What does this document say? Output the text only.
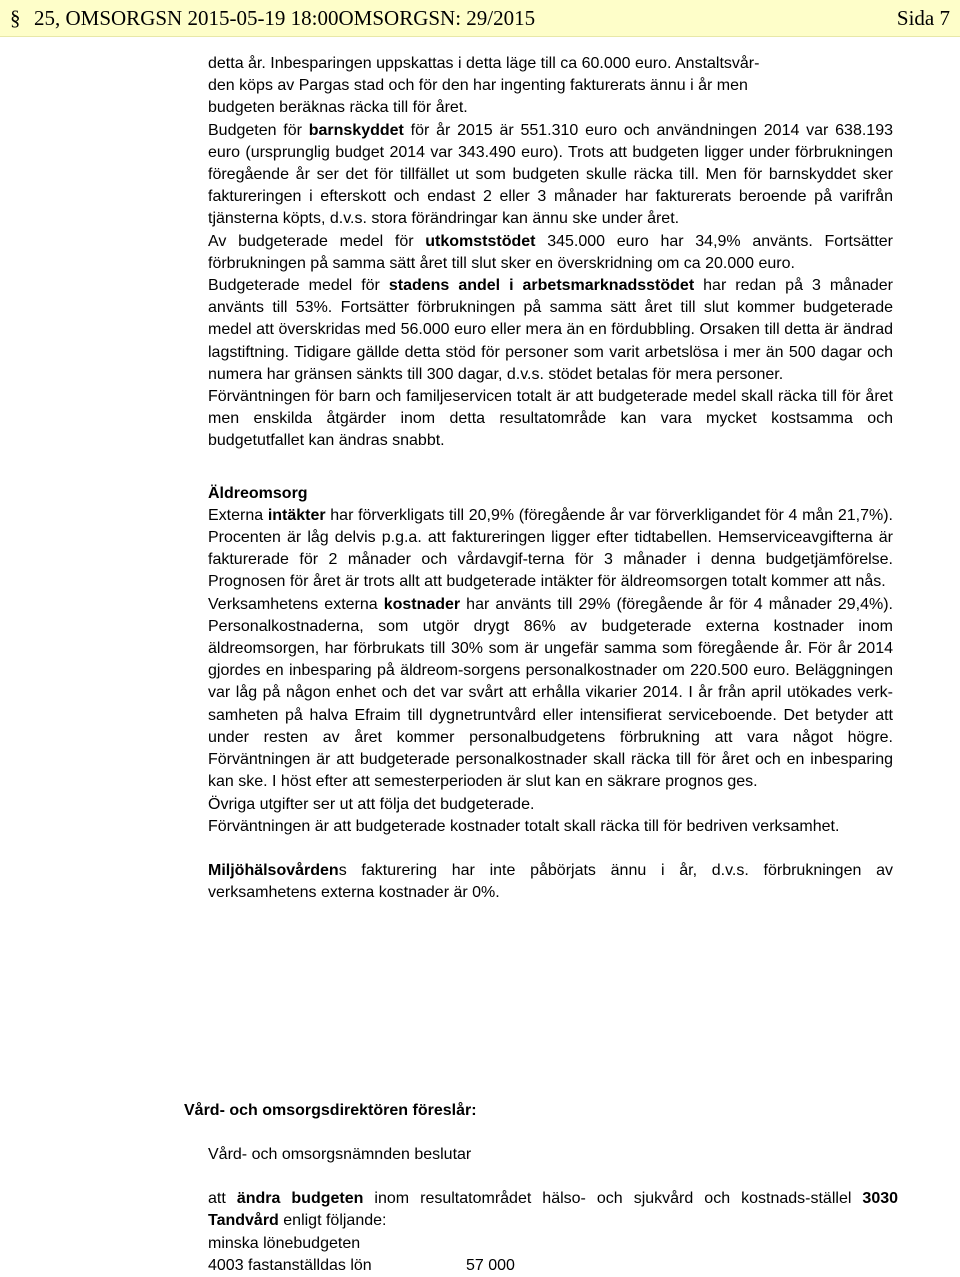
§ 25, OMSORGSN 2015-05-19 18:00OMSORGSN: 29/2015	Sida 7

detta år. Inbesparingen uppskattas i detta läge till ca 60.000 euro. Anstaltsvår-
den köps av Pargas stad och för den har ingenting fakturerats ännu i år men
budgeten beräknas räcka till för året.

Budgeten för barnskyddet för år 2015 är 551.310 euro och användningen 2014 var 638.193 euro (ursprunglig budget 2014 var 343.490 euro). Trots att budgeten ligger under förbrukningen föregående år ser det för tillfället ut som budgeten skulle räcka till. Men för barnskyddet sker faktureringen i efterskott och endast 2 eller 3 månader har fakturerats beroende på varifrån tjänsterna köpts, d.v.s. stora förändringar kan ännu ske under året.

Av budgeterade medel för utkomststödet 345.000 euro har 34,9% använts. Fortsätter förbrukningen på samma sätt året till slut sker en överskridning om ca 20.000 euro.

Budgeterade medel för stadens andel i arbetsmarknadsstödet har redan på 3 månader använts till 53%. Fortsätter förbrukningen på samma sätt året till slut kommer budgeterade medel att överskridas med 56.000 euro eller mera än en fördubbling. Orsaken till detta är ändrad lagstiftning. Tidigare gällde detta stöd för personer som varit arbetslösa i mer än 500 dagar och numera har gränsen sänkts till 300 dagar, d.v.s. stödet betalas för mera personer.

Förväntningen för barn och familjeservicen totalt är att budgeterade medel skall räcka till för året men enskilda åtgärder inom detta resultatområde kan vara mycket kostsamma och budgetutfallet kan ändras snabbt.

Äldreomsorg

Externa intäkter har förverkligats till 20,9% (föregående år var förverkligandet för 4 mån 21,7%). Procenten är låg delvis p.g.a. att faktureringen ligger efter tidtabellen. Hemserviceavgifterna är fakturerade för 2 månader och vårdavgif-terna för 3 månader i denna budgetjämförelse. Prognosen för året är trots allt att budgeterade intäkter för äldreomsorgen totalt kommer att nås.

Verksamhetens externa kostnader har använts till 29% (föregående år för 4 månader 29,4%). Personalkostnaderna, som utgör drygt 86% av budgeterade externa kostnader inom äldreomsorgen, har förbrukats till 30% som är ungefär samma som föregående år. För år 2014 gjordes en inbesparing på äldreom-sorgens personalkostnader om 220.500 euro. Beläggningen var låg på någon enhet och det var svårt att erhålla vikarier 2014. I år från april utökades verk-samheten på halva Efraim till dygnetruntvård eller intensifierat serviceboende. Det betyder att under resten av året kommer personalbudgetens förbrukning att vara något högre. Förväntningen är att budgeterade personalkostnader skall räcka till för året och en inbesparing kan ske. I höst efter att semesterperioden är slut kan en säkrare prognos ges.

Övriga utgifter ser ut att följa det budgeterade.

Förväntningen är att budgeterade kostnader totalt skall räcka till för bedriven verksamhet.

Miljöhälsovårdens fakturering har inte påbörjats ännu i år, d.v.s. förbrukningen av verksamhetens externa kostnader är 0%.

Vård- och omsorgsdirektören föreslår:

Vård- och omsorgsnämnden beslutar

att ändra budgeten inom resultatområdet hälso- och sjukvård och kostnads-ställel 3030 Tandvård enligt följande:

minska lönebudgeten

4003 fastanställdas lön	57 000
